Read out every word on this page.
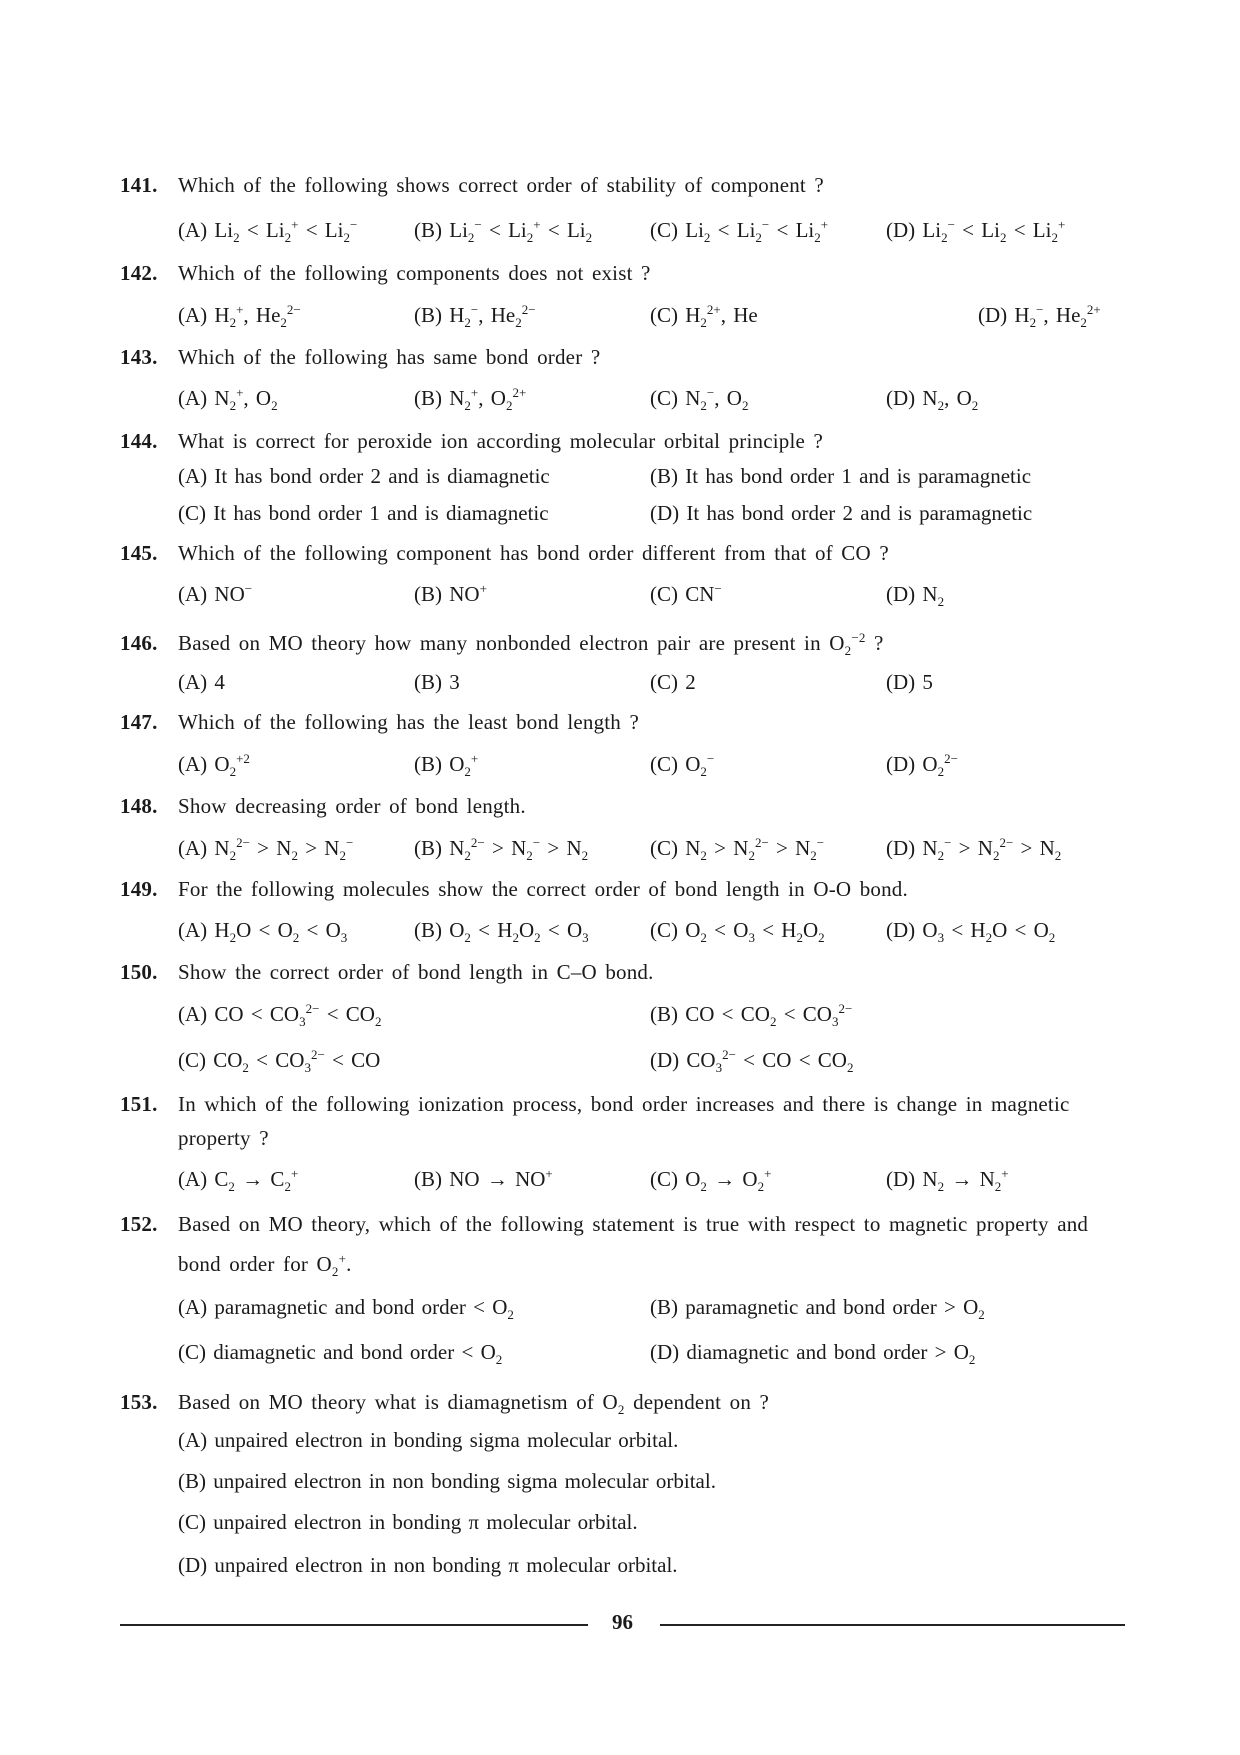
141. Which of the following shows correct order of stability of component ?
(A) $Li_2 < Li_2^+ < Li_2^-$	(B) $Li_2^- < Li_2^+ < Li_2$	(C) $Li_2 < Li_2^- < Li_2^+$	(D) $Li_2^- < Li_2 < Li_2^+$
142. Which of the following components does not exist ?
(A) $H_2^+$, $He_2^{2-}$	(B) $H_2^-$, $He_2^{2-}$	(C) $H_2^{2+}$, He	(D) $H_2^-$, $He_2^{2+}$
143. Which of the following has same bond order ?
(A) $N_2^+$, $O_2$	(B) $N_2^+$, $O_2^{2+}$	(C) $N_2^-$, $O_2$	(D) $N_2$, $O_2$
144. What is correct for peroxide ion according molecular orbital principle ?
(A) It has bond order 2 and is diamagnetic	(B) It has bond order 1 and is paramagnetic
(C) It has bond order 1 and is diamagnetic	(D) It has bond order 2 and is paramagnetic
145. Which of the following component has bond order different from that of CO ?
(A) NO−	(B) NO+	(C) CN−	(D) $N_2$
146. Based on MO theory how many nonbonded electron pair are present in $O_2^{-2}$ ?
(A) 4	(B) 3	(C) 2	(D) 5
147. Which of the following has the least bond length ?
(A) $O_2^{+2}$	(B) $O_2^+$	(C) $O_2^-$	(D) $O_2^{2-}$
148. Show decreasing order of bond length.
(A) $N_2^{2-} > N_2 > N_2^-$	(B) $N_2^{2-} > N_2^- > N_2$	(C) $N_2 > N_2^{2-} > N_2^-$	(D) $N_2^- > N_2^{2-} > N_2$
149. For the following molecules show the correct order of bond length in O-O bond.
(A) $H_2O < O_2 < O_3$	(B) $O_2 < H_2O_2 < O_3$	(C) $O_2 < O_3 < H_2O_2$	(D) $O_3 < H_2O < O_2$
150. Show the correct order of bond length in C–O bond.
(A) CO < $CO_3^{2-} < CO_2$	(B) CO < $CO_2 < CO_3^{2-}$
(C) $CO_2 < CO_3^{2-}$ < CO	(D) $CO_3^{2-}$ < CO < $CO_2$
151. In which of the following ionization process, bond order increases and there is change in magnetic property ?
(A) $C_2 \to C_2^+$	(B) NO → NO+	(C) $O_2 \to O_2^+$	(D) $N_2 \to N_2^+$
152. Based on MO theory, which of the following statement is true with respect to magnetic property and bond order for $O_2^+$.
(A) paramagnetic and bond order < $O_2$	(B) paramagnetic and bond order > $O_2$
(C) diamagnetic and bond order < $O_2$	(D) diamagnetic and bond order > $O_2$
153. Based on MO theory what is diamagnetism of $O_2$ dependent on ?
(A) unpaired electron in bonding sigma molecular orbital.
(B) unpaired electron in non bonding sigma molecular orbital.
(C) unpaired electron in bonding π molecular orbital.
(D) unpaired electron in non bonding π molecular orbital.
96
